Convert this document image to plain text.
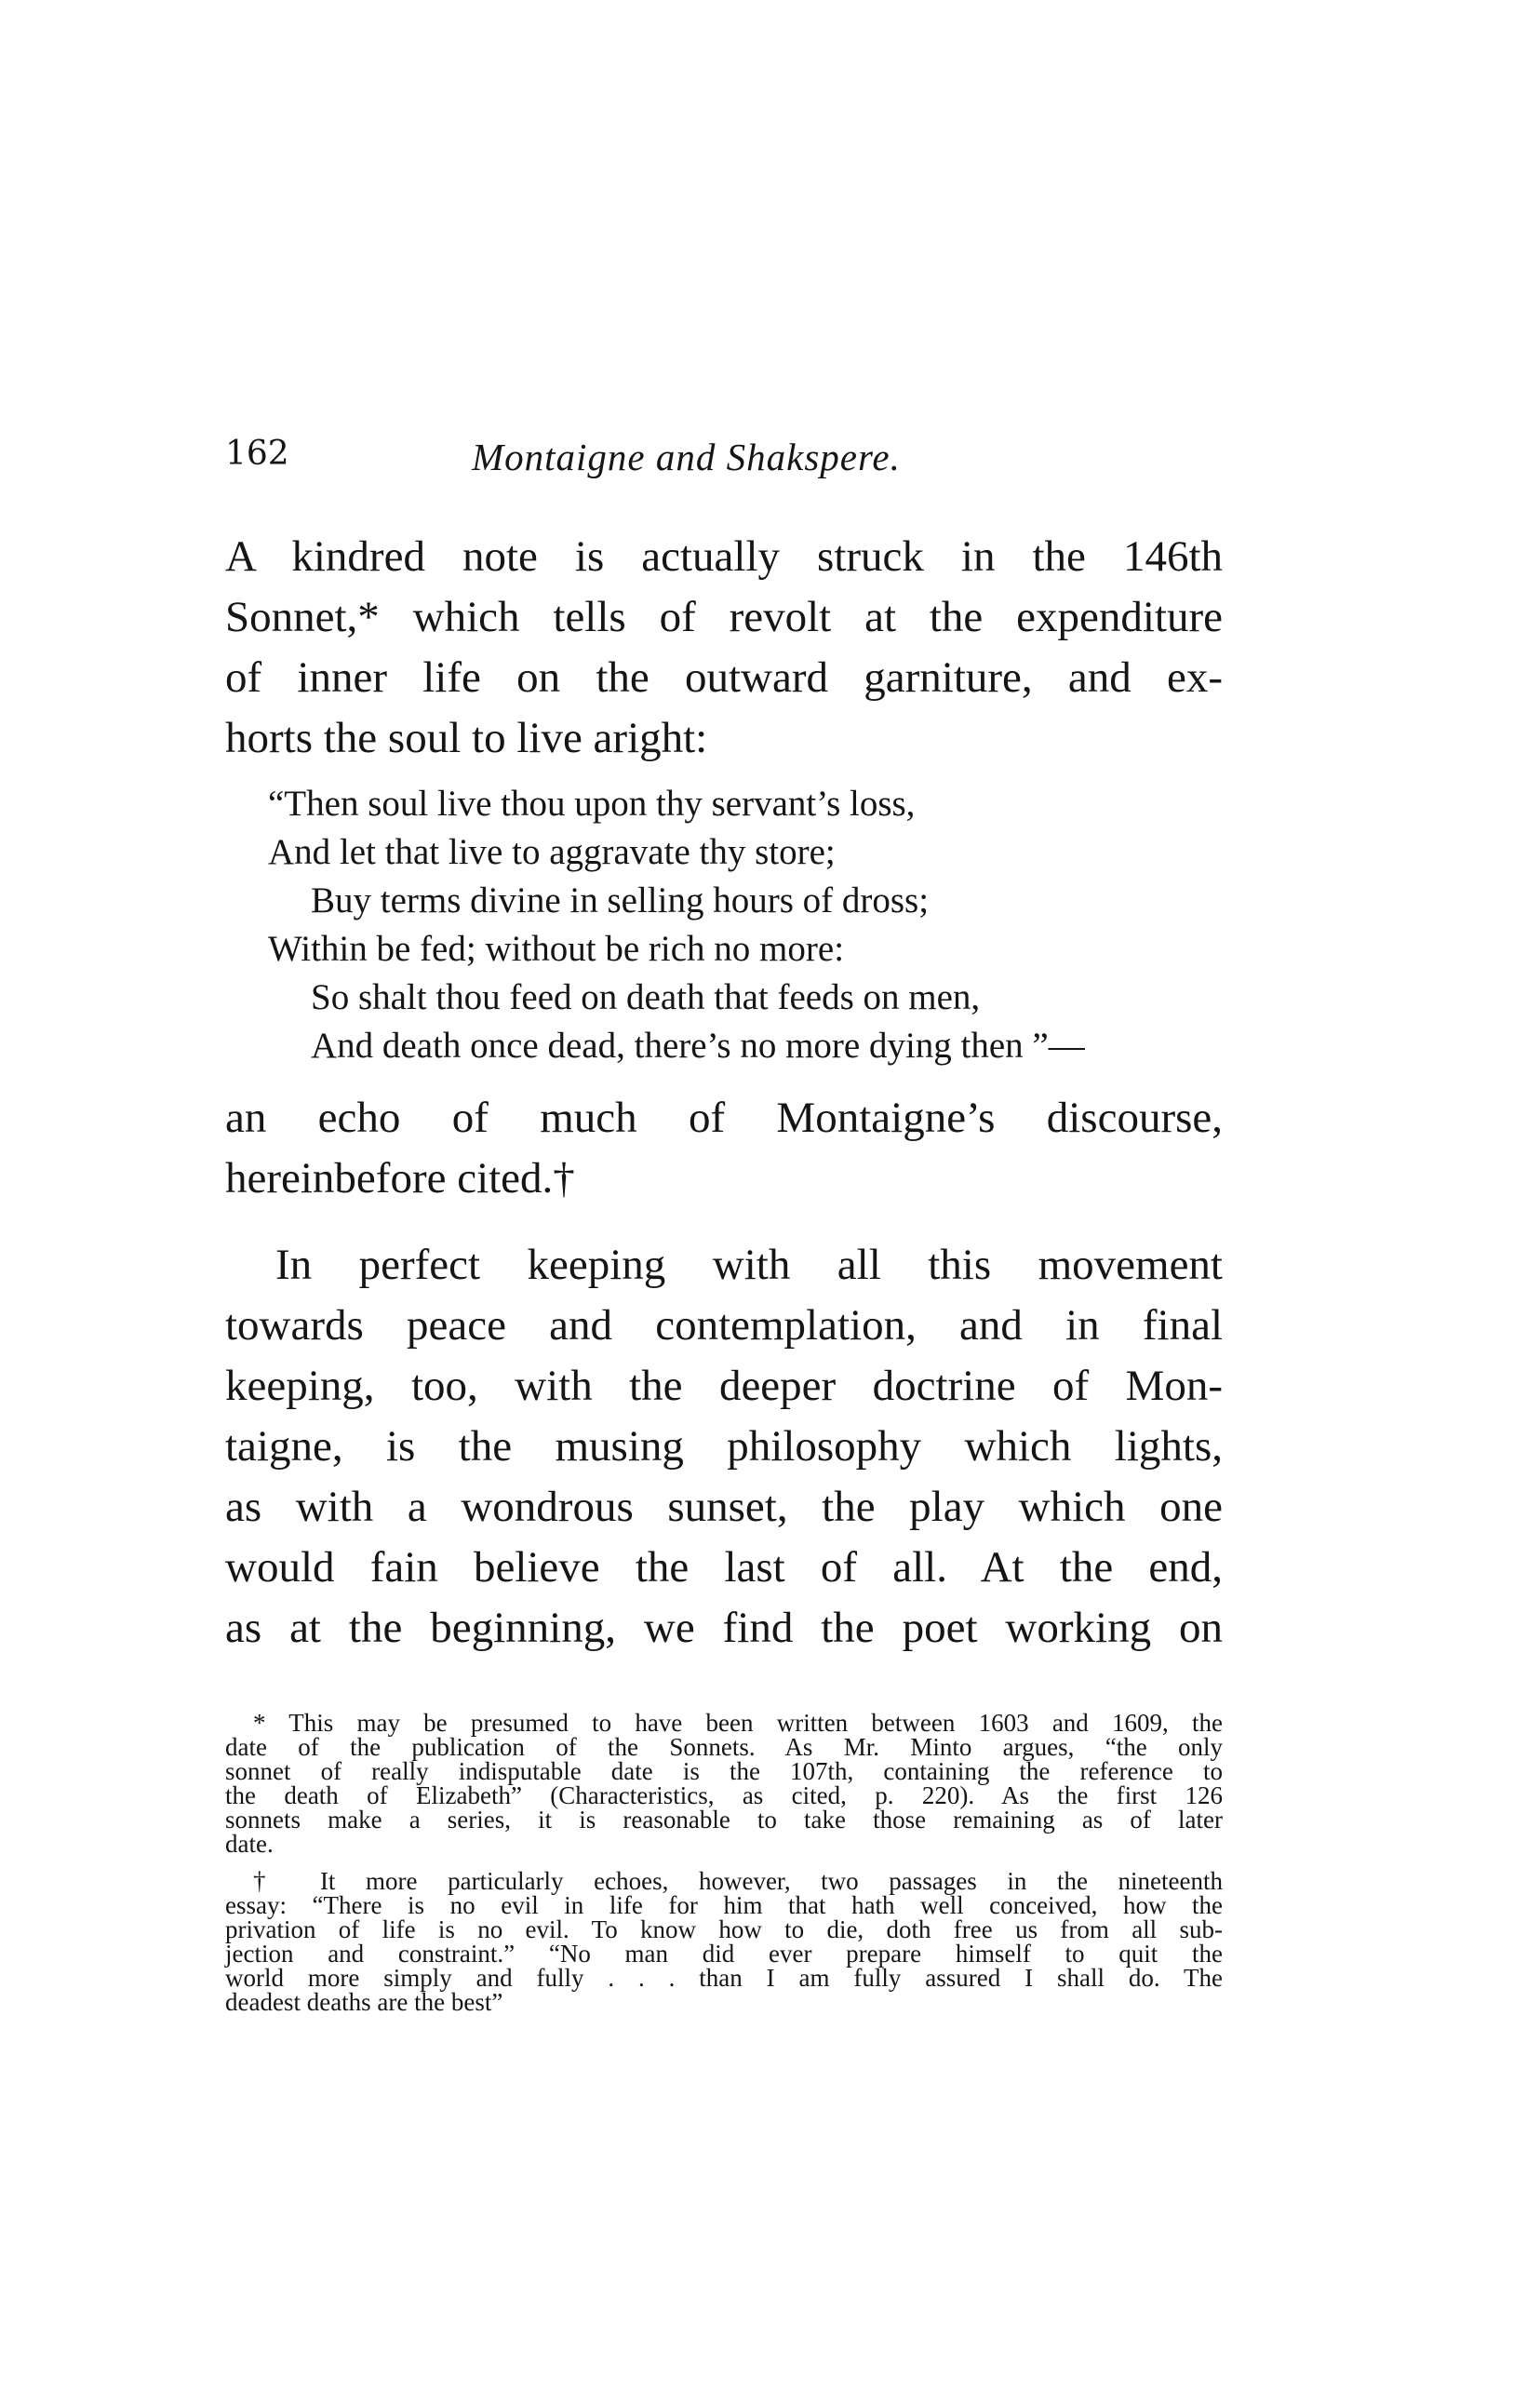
162	Montaigne and Shakspere.
A kindred note is actually struck in the 146th
Sonnet,* which tells of revolt at the expenditure
of inner life on the outward garniture, and ex-
horts the soul to live aright:
“Then soul live thou upon thy servant’s loss,
And let that live to aggravate thy store;
Buy terms divine in selling hours of dross;
Within be fed; without be rich no more:
So shalt thou feed on death that feeds on men,
And death once dead, there’s no more dying then ”—
an echo of much of Montaigne’s discourse,
hereinbefore cited.†
In perfect keeping with all this movement
towards peace and contemplation, and in final
keeping, too, with the deeper doctrine of Mon-
taigne, is the musing philosophy which lights,
as with a wondrous sunset, the play which one
would fain believe the last of all. At the end,
as at the beginning, we find the poet working on
* This may be presumed to have been written between 1603 and 1609, the
date of the publication of the Sonnets. As Mr. Minto argues, “the only
sonnet of really indisputable date is the 107th, containing the reference to
the death of Elizabeth” (Characteristics, as cited, p. 220). As the first 126
sonnets make a series, it is reasonable to take those remaining as of later
date.
† It more particularly echoes, however, two passages in the nineteenth
essay: “There is no evil in life for him that hath well conceived, how the
privation of life is no evil. To know how to die, doth free us from all sub-
jection and constraint.” “No man did ever prepare himself to quit the
world more simply and fully . . . than I am fully assured I shall do. The
deadest deaths are the best”
